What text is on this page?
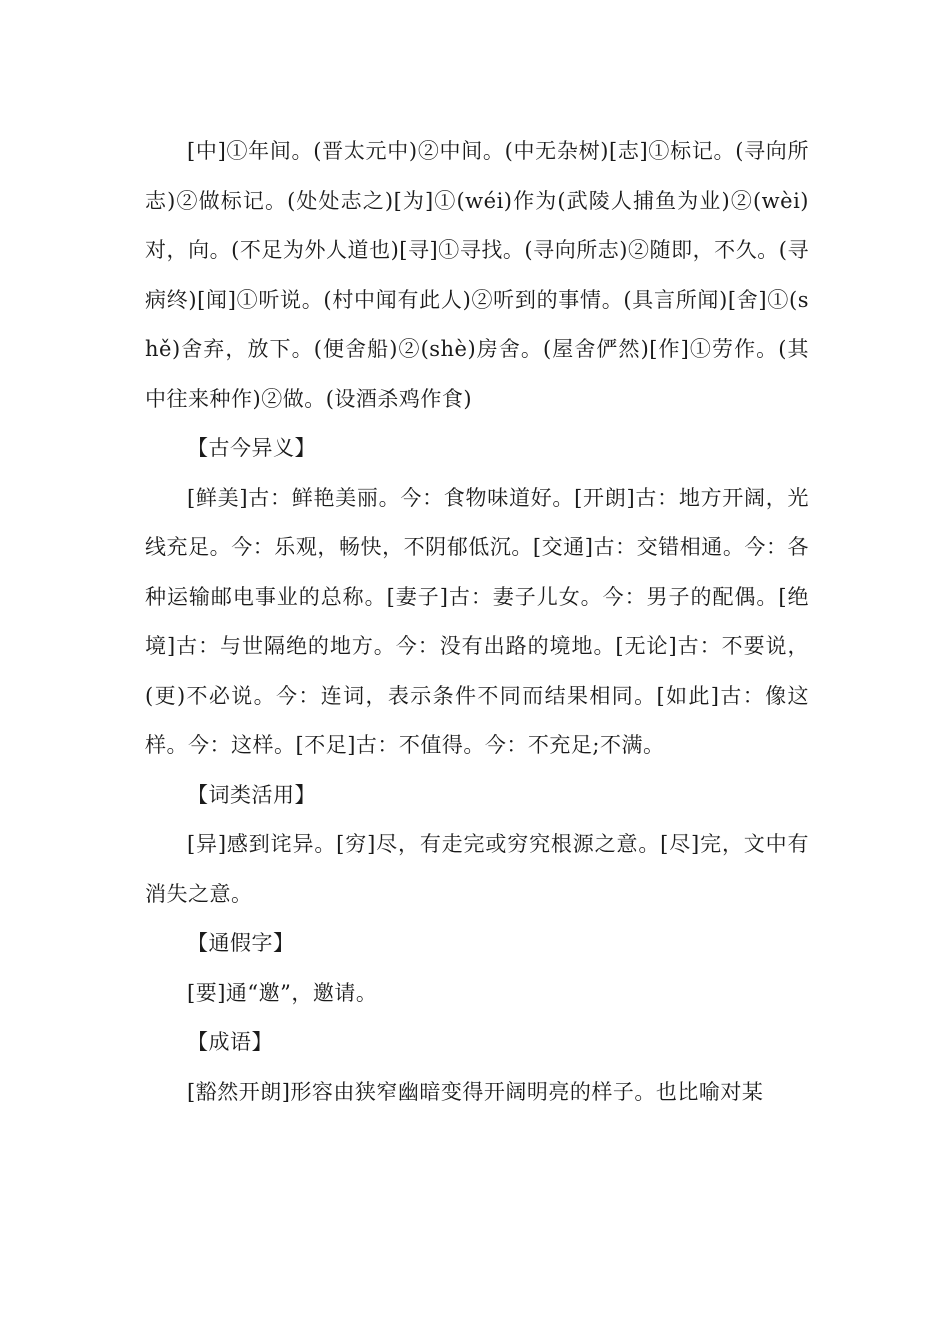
[中]①年间。(晋太元中)②中间。(中无杂树)[志]①标记。(寻向所志)②做标记。(处处志之)[为]①(wéi)作为(武陵人捕鱼为业)②(wèi)对，向。(不足为外人道也)[寻]①寻找。(寻向所志)②随即，不久。(寻病终)[闻]①听说。(村中闻有此人)②听到的事情。(具言所闻)[舍]①(shě)舍弃，放下。(便舍船)②(shè)房舍。(屋舍俨然)[作]①劳作。(其中往来种作)②做。(设酒杀鸡作食)

【古今异义】

[鲜美]古：鲜艳美丽。今：食物味道好。[开朗]古：地方开阔，光线充足。今：乐观，畅快，不阴郁低沉。[交通]古：交错相通。今：各种运输邮电事业的总称。[妻子]古：妻子儿女。今：男子的配偶。[绝境]古：与世隔绝的地方。今：没有出路的境地。[无论]古：不要说，(更)不必说。今：连词，表示条件不同而结果相同。[如此]古：像这样。今：这样。[不足]古：不值得。今：不充足;不满。

【词类活用】

[异]感到诧异。[穷]尽，有走完或穷究根源之意。[尽]完，文中有消失之意。

【通假字】

[要]通“邀”，邀请。

【成语】

[豁然开朗]形容由狭窄幽暗变得开阔明亮的样子。也比喻对某
